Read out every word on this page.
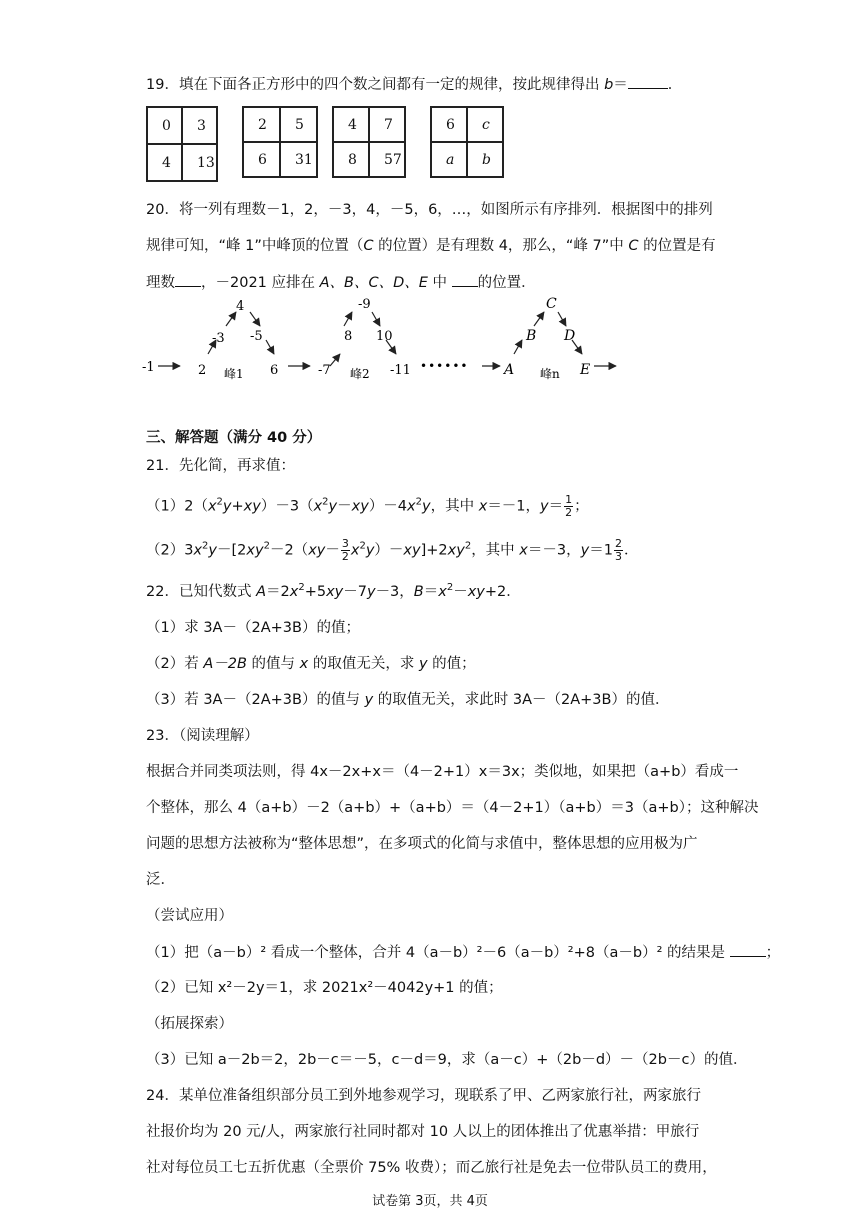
19．填在下面各正方形中的四个数之间都有一定的规律，按此规律得出 b＝	．
0	3
4	13
2	5
6	31
4	7
8	57
6	c
a	b
20．将一列有理数－1，2，－3，4，－5，6，…，如图所示有序排列．根据图中的排列
规律可知，“峰 1”中峰顶的位置（C 的位置）是有理数 4，那么，“峰 7”中 C 的位置是有
理数 ，－2021 应排在 A、B、C、D、E 中 的位置．
-1	2
-3
4
-5
6	-7
8
-9
10
-11 ••••••	A
B
C
D
E
峰1	峰2	峰n
三、解答题（满分 40 分）
21．先化简，再求值：
$(1)2(x^2y+xy)-3(x^2y-xy)-4x^2y$，其中 x＝－1，$y= \frac{1}{2}$ ；
$(2)3x^2y-[2xy^2-2(xy- \frac{3}{2} x^2y)-xy]+2xy^2$，其中 x＝－3，$y=1 \frac{2}{3}$ ．
22．已知代数式 $A=2x^2+5xy-7y-3$，$B=x^2-xy+2$．
（1）求 3A－（2A+3B）的值；
（2）若 A－2B 的值与 x 的取值无关，求 y 的值；
（3）若 3A－（2A+3B）的值与 y 的取值无关，求此时 3A－（2A+3B）的值．
23．（阅读理解）
根据合并同类项法则，得 4x－2x+x＝（4－2+1）x＝3x；类似地，如果把（a+b）看成一
个整体，那么 4（a+b）－2（a+b）+（a+b）＝（4－2+1）（a+b）＝3（a+b）；这种解决
问题的思想方法被称为“整体思想”，在多项式的化简与求值中，整体思想的应用极为广
泛．
（尝试应用）
（1）把（a－b）² 看成一个整体，合并 4（a－b）²－6（a－b）²+8（a－b）² 的结果是 ；
（2）已知 x²－2y＝1，求 2021x²－4042y+1 的值；
（拓展探索）
（3）已知 a－2b＝2，2b－c＝－5，c－d＝9，求（a－c）+（2b－d）－（2b－c）的值．
24．某单位准备组织部分员工到外地参观学习，现联系了甲、乙两家旅行社，两家旅行
社报价均为 20 元/人，两家旅行社同时都对 10 人以上的团体推出了优惠举措：甲旅行
社对每位员工七五折优惠（全票价 75% 收费）；而乙旅行社是免去一位带队员工的费用，
试卷第 3页，共 4页
